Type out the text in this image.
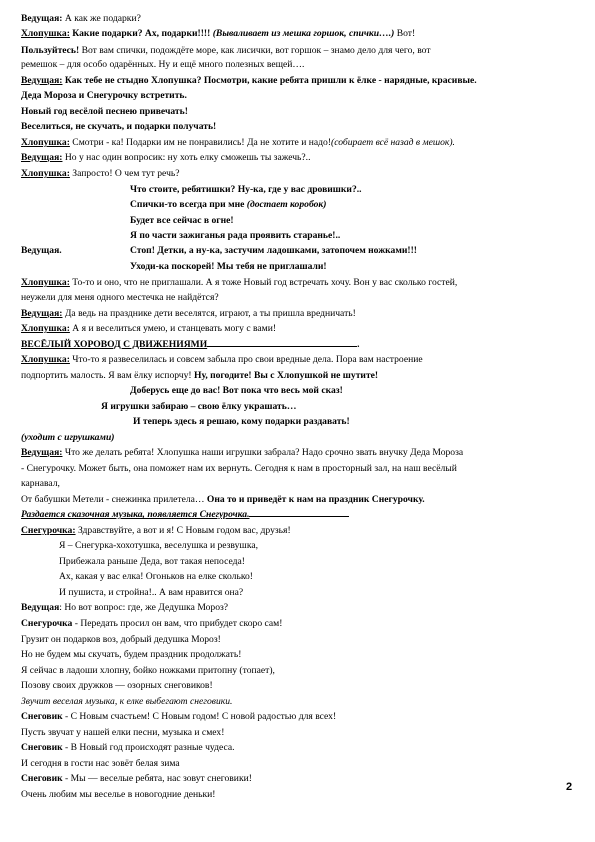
Ведущая: А как же подарки?
Хлопушка: Какие подарки? Ах, подарки!!!! (Вываливает из мешка горшок, спички….) Вот!
Пользуйтесь! Вот вам спички, подождёте море, как лисички, вот горшок – знамо дело для чего, вот
ремешок – для особо одарённых. Ну и ещё много полезных вещей….
Ведущая: Как тебе не стыдно Хлопушка? Посмотри, какие ребята пришли к ёлке - нарядные, красивые.
Деда Мороза и Снегурочку встретить.
Новый год весёлой песнею привечать!
Веселиться, не скучать, и подарки получать!
Хлопушка: Смотри - ка! Подарки им не понравились! Да не хотите и надо!(собирает всё назад в мешок).
Ведущая: Но у нас один вопросик: ну хоть елку сможешь ты зажечь?..
Хлопушка: Запросто! О чем тут речь?
Что стоите, ребятишки? Ну-ка, где у вас дровишки?..
Спички-то всегда при мне (достает коробок)
Будет все сейчас в огне!
Я по части зажиганья рада проявить старанье!..
Ведущая.	Стоп! Детки, а ну-ка, застучим ладошками, затопочем ножками!!!
Уходи-ка поскорей! Мы тебя не приглашали!
Хлопушка: То-то и оно, что не приглашали. А я тоже Новый год встречать хочу. Вон у вас сколько гостей,
неужели для меня одного местечка не найдётся?
Ведущая: Да ведь на празднике дети веселятся, играют, а ты пришла вредничать!
Хлопушка: А я и веселиться умею, и станцевать могу с вами!
ВЕСЁЛЫЙ ХОРОВОД С ДВИЖЕНИЯМИ	.
Хлопушка: Что-то я развеселилась и совсем забыла про свои вредные дела. Пора вам настроение
подпортить малость. Я вам ёлку испорчу! Ну, погодите! Вы с Хлопушкой не шутите!
Доберусь еще до вас! Вот пока что весь мой сказ!
Я игрушки забираю – свою ёлку украшать…
И теперь здесь я решаю, кому подарки раздавать!
(уходит с игрушками)
Ведущая: Что же делать ребята! Хлопушка наши игрушки забрала? Надо срочно звать внучку Деда Мороза
- Снегурочку. Может быть, она поможет нам их вернуть. Сегодня к нам в просторный зал, на наш весёлый
карнавал,
От бабушки Метели - снежинка прилетела… Она то и приведёт к нам на праздник Снегурочку.
Раздается сказочная музыка, появляется Снегурочка.
Снегурочка: Здравствуйте, а вот и я! С Новым годом вас, друзья!
Я – Снегурка-хохотушка, веселушка и резвушка,
Прибежала раньше Деда, вот такая непоседа!
Ах, какая у вас елка! Огоньков на елке сколько!
И пушиста, и стройна!.. А вам нравится она?
Ведущая: Но вот вопрос: где, же Дедушка Мороз?
Снегурочка - Передать просил он вам, что прибудет скоро сам!
Грузит он подарков воз, добрый дедушка Мороз!
Но не будем мы скучать, будем праздник продолжать!
Я сейчас в ладоши хлопну, бойко ножками притопну (топает),
Позову своих дружков — озорных снеговиков!
Звучит веселая музыка, к елке выбегают снеговики.
Снеговик - С Новым счастьем! С Новым годом! С новой радостью для всех!
Пусть звучат у нашей елки песни, музыка и смех!
Снеговик - В Новый год происходят разные чудеса.
И сегодня в гости нас зовёт белая зима
Снеговик - Мы — веселые ребята, нас зовут снеговики!
Очень любим мы веселье в новогодние деньки!
2
